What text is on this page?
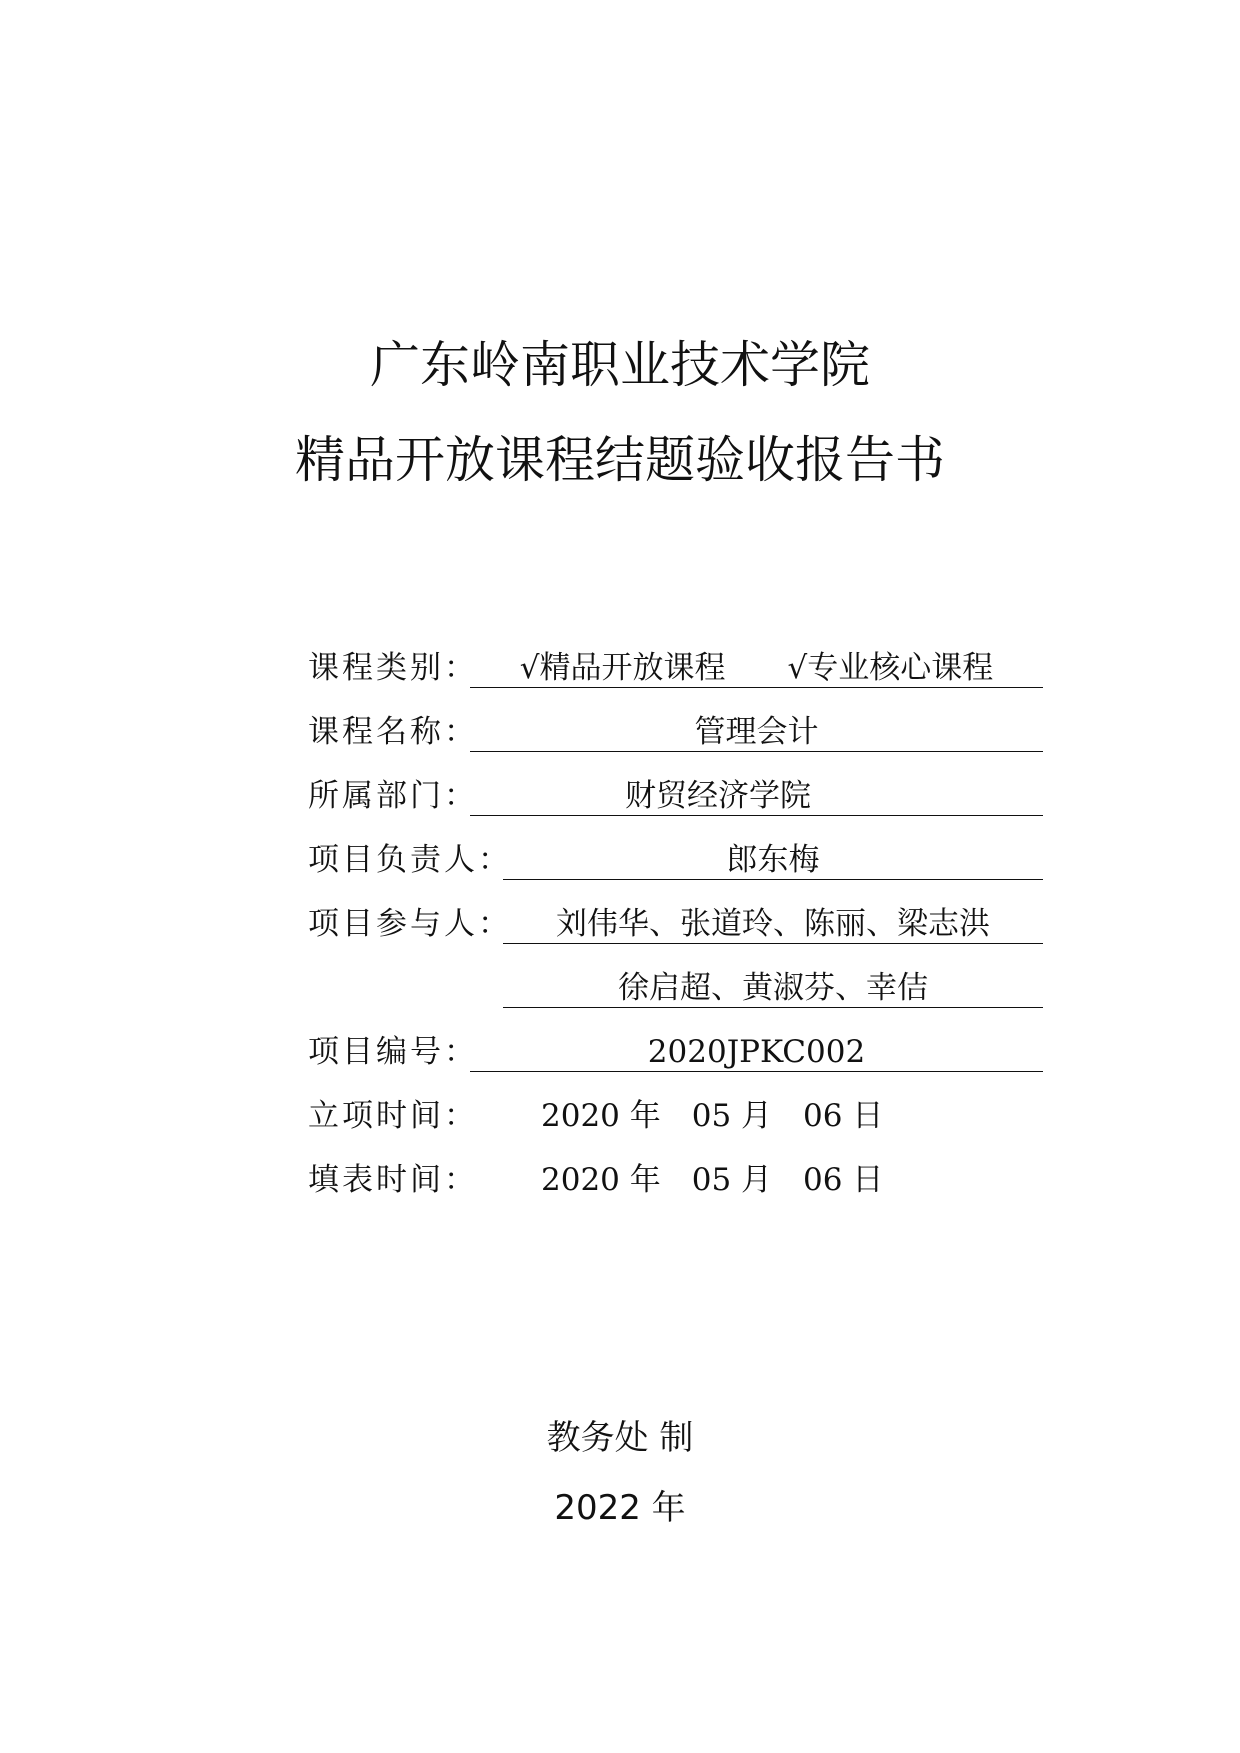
广东岭南职业技术学院
精品开放课程结题验收报告书
课程类别：	√精品开放课程　　√专业核心课程
课程名称：	管理会计
所属部门：	财贸经济学院
项目负责人：	郎东梅
项目参与人：	刘伟华、张道玲、陈丽、梁志洪
徐启超、黄淑芬、幸佶
项目编号：	2020JPKC002
立项时间： 2020 年　05 月　06 日
填表时间： 2020 年　05 月　06 日
教务处 制
2022 年
